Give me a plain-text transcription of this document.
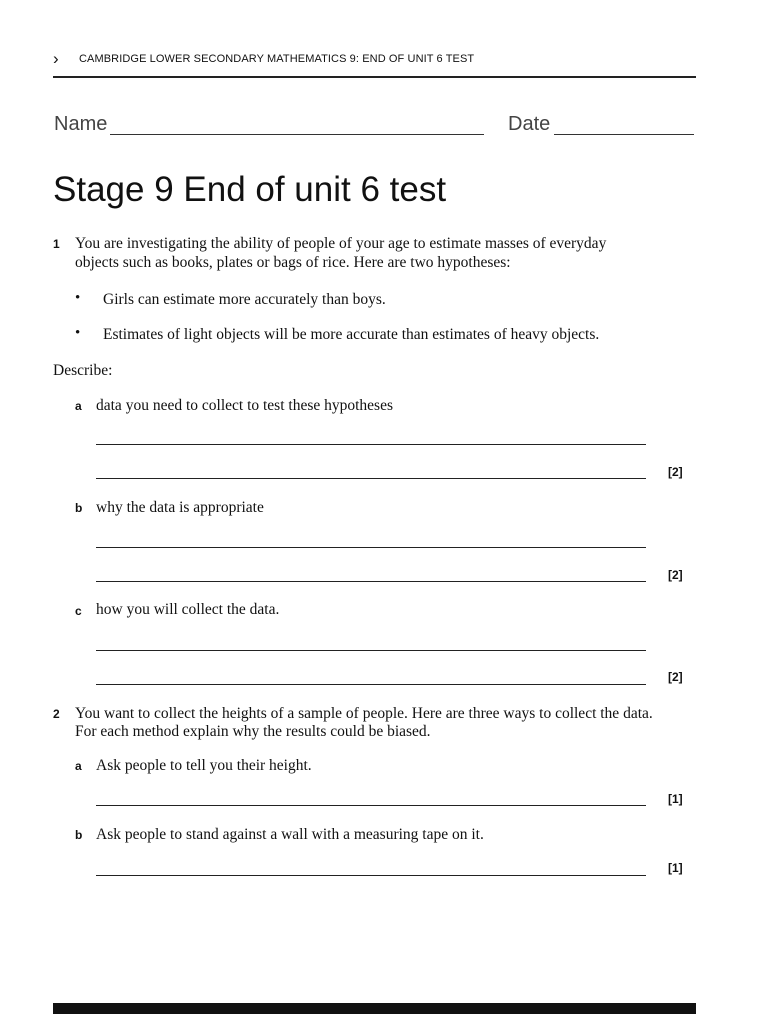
› CAMBRIDGE LOWER SECONDARY MATHEMATICS 9: END OF UNIT 6 TEST
Name	Date
Stage 9 End of unit 6 test
1 You are investigating the ability of people of your age to estimate masses of everyday
objects such as books, plates or bags of rice. Here are two hypotheses:
• Girls can estimate more accurately than boys.
• Estimates of light objects will be more accurate than estimates of heavy objects.
Describe:
a data you need to collect to test these hypotheses
[2]
b why the data is appropriate
[2]
c how you will collect the data.
[2]
2 You want to collect the heights of a sample of people. Here are three ways to collect the data.
For each method explain why the results could be biased.
a Ask people to tell you their height.
[1]
b Ask people to stand against a wall with a measuring tape on it.
[1]
